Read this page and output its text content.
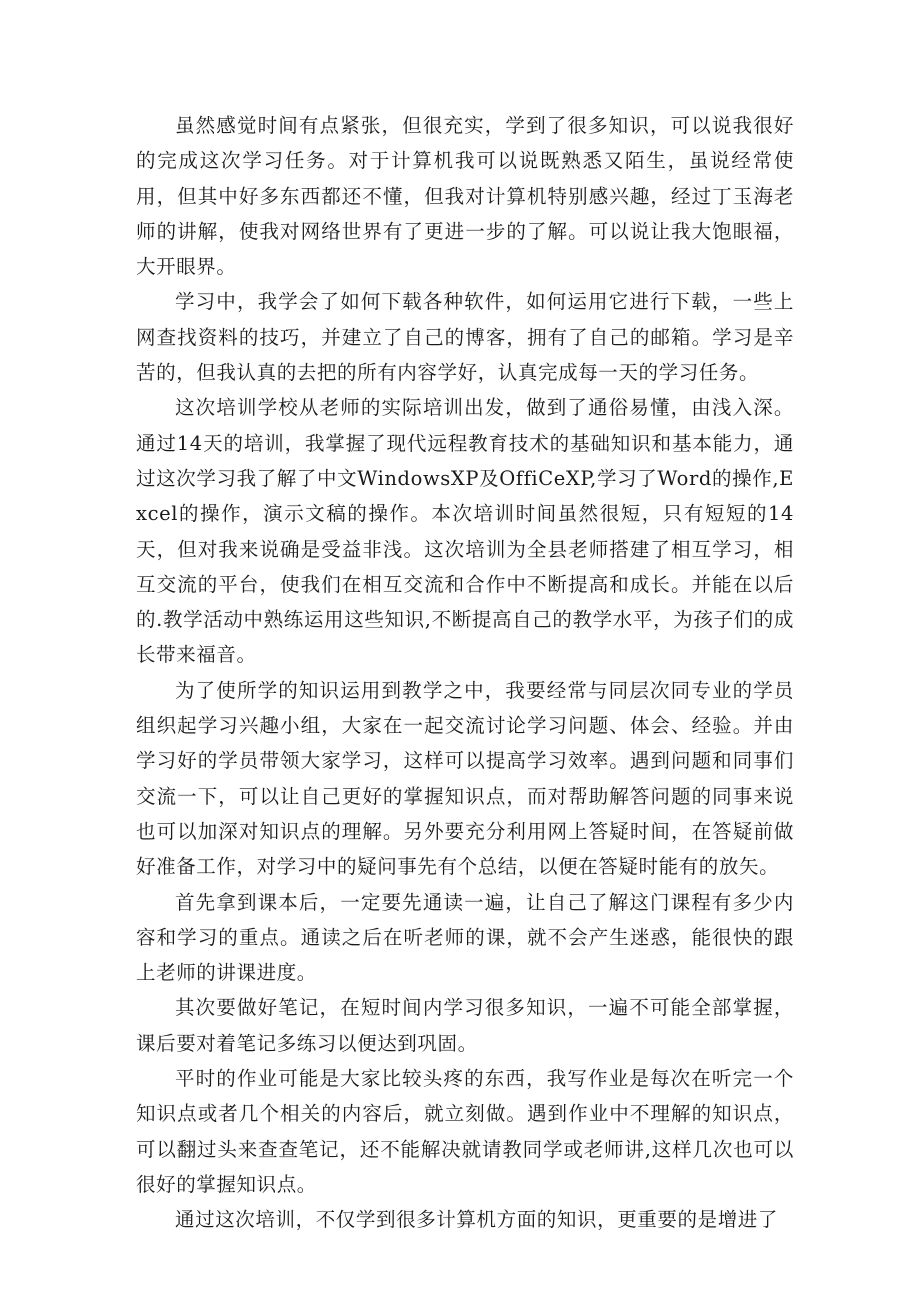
虽然感觉时间有点紧张，但很充实，学到了很多知识，可以说我很好的完成这次学习任务。对于计算机我可以说既熟悉又陌生，虽说经常使用，但其中好多东西都还不懂，但我对计算机特别感兴趣，经过丁玉海老师的讲解，使我对网络世界有了更进一步的了解。可以说让我大饱眼福，大开眼界。

学习中，我学会了如何下载各种软件，如何运用它进行下载，一些上网查找资料的技巧，并建立了自己的博客，拥有了自己的邮箱。学习是辛苦的，但我认真的去把的所有内容学好，认真完成每一天的学习任务。

这次培训学校从老师的实际培训出发，做到了通俗易懂，由浅入深。通过14天的培训，我掌握了现代远程教育技术的基础知识和基本能力，通过这次学习我了解了中文WindowsXP及OffiCeXP,学习了Word的操作,Excel的操作，演示文稿的操作。本次培训时间虽然很短，只有短短的14天，但对我来说确是受益非浅。这次培训为全县老师搭建了相互学习，相互交流的平台，使我们在相互交流和合作中不断提高和成长。并能在以后的.教学活动中熟练运用这些知识,不断提高自己的教学水平，为孩子们的成长带来福音。

为了使所学的知识运用到教学之中，我要经常与同层次同专业的学员组织起学习兴趣小组，大家在一起交流讨论学习问题、体会、经验。并由学习好的学员带领大家学习，这样可以提高学习效率。遇到问题和同事们交流一下，可以让自己更好的掌握知识点，而对帮助解答问题的同事来说也可以加深对知识点的理解。另外要充分利用网上答疑时间，在答疑前做好准备工作，对学习中的疑问事先有个总结，以便在答疑时能有的放矢。

首先拿到课本后，一定要先通读一遍，让自己了解这门课程有多少内容和学习的重点。通读之后在听老师的课，就不会产生迷惑，能很快的跟上老师的讲课进度。

其次要做好笔记，在短时间内学习很多知识，一遍不可能全部掌握，课后要对着笔记多练习以便达到巩固。

平时的作业可能是大家比较头疼的东西，我写作业是每次在听完一个知识点或者几个相关的内容后，就立刻做。遇到作业中不理解的知识点，可以翻过头来查查笔记，还不能解决就请教同学或老师讲,这样几次也可以很好的掌握知识点。

通过这次培训，不仅学到很多计算机方面的知识，更重要的是增进了
